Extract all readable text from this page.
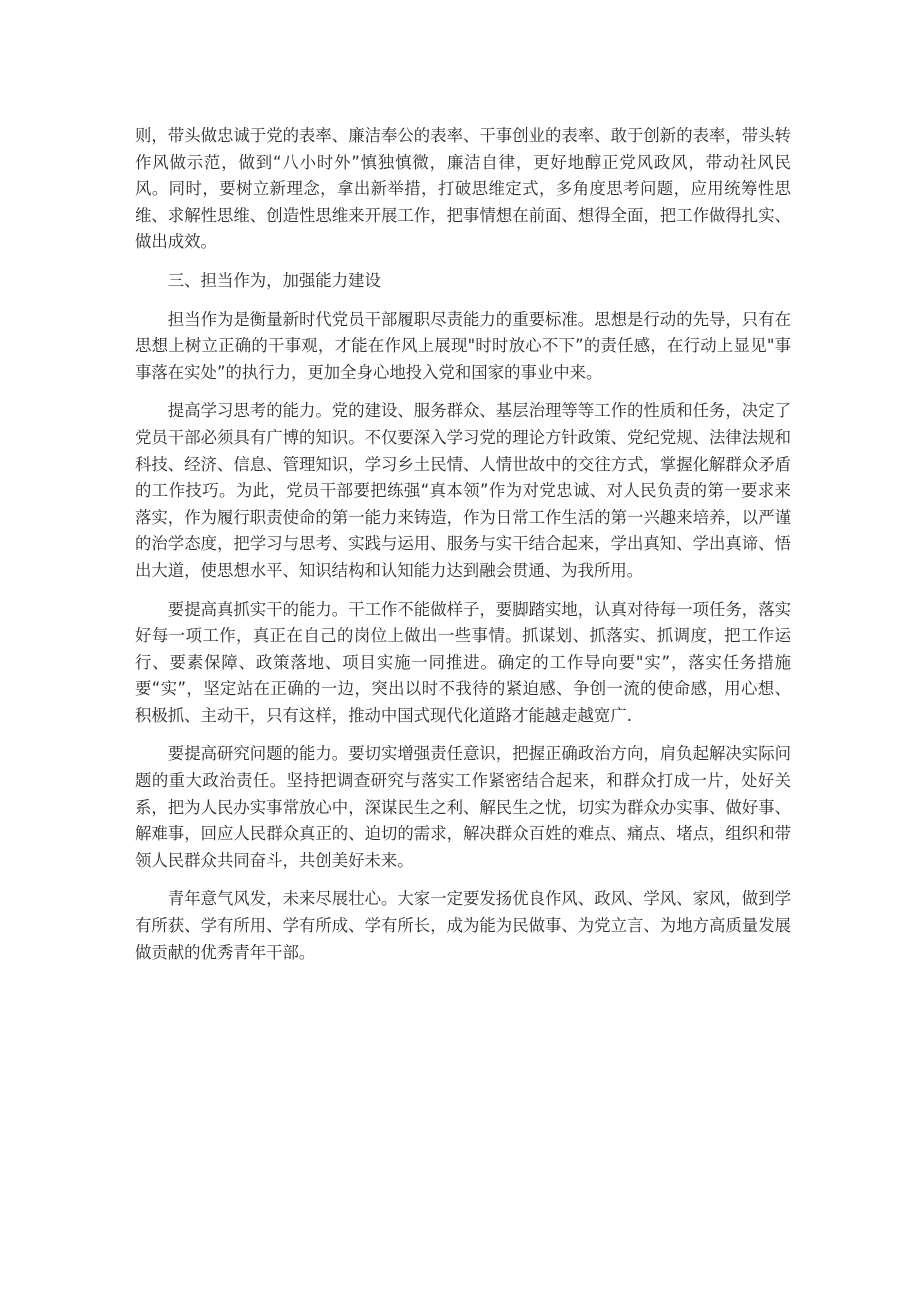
则，带头做忠诚于党的表率、廉洁奉公的表率、干事创业的表率、敢于创新的表率，带头转作风做示范，做到“八小时外”慎独慎微，廉洁自律，更好地醇正党风政风，带动社风民风。同时，要树立新理念，拿出新举措，打破思维定式，多角度思考问题，应用统筹性思维、求解性思维、创造性思维来开展工作，把事情想在前面、想得全面，把工作做得扎实、做出成效。

三、担当作为，加强能力建设

担当作为是衡量新时代党员干部履职尽责能力的重要标准。思想是行动的先导，只有在思想上树立正确的干事观，才能在作风上展现"时时放心不下”的责任感，在行动上显见"事事落在实处”的执行力，更加全身心地投入党和国家的事业中来。

提高学习思考的能力。党的建设、服务群众、基层治理等等工作的性质和任务，决定了党员干部必须具有广博的知识。不仅要深入学习党的理论方针政策、党纪党规、法律法规和科技、经济、信息、管理知识，学习乡土民情、人情世故中的交往方式，掌握化解群众矛盾的工作技巧。为此，党员干部要把练强“真本领”作为对党忠诚、对人民负责的第一要求来落实，作为履行职责使命的第一能力来铸造，作为日常工作生活的第一兴趣来培养，以严谨的治学态度，把学习与思考、实践与运用、服务与实干结合起来，学出真知、学出真谛、悟出大道，使思想水平、知识结构和认知能力达到融会贯通、为我所用。

要提高真抓实干的能力。干工作不能做样子，要脚踏实地，认真对待每一项任务，落实好每一项工作，真正在自己的岗位上做出一些事情。抓谋划、抓落实、抓调度，把工作运行、要素保障、政策落地、项目实施一同推进。确定的工作导向要"实”，落实任务措施要“实”，坚定站在正确的一边，突出以时不我待的紧迫感、争创一流的使命感，用心想、积极抓、主动干，只有这样，推动中国式现代化道路才能越走越宽广.

要提高研究问题的能力。要切实增强责任意识，把握正确政治方向，肩负起解决实际问题的重大政治责任。坚持把调查研究与落实工作紧密结合起来，和群众打成一片，处好关系，把为人民办实事常放心中，深谋民生之利、解民生之忧，切实为群众办实事、做好事、解难事，回应人民群众真正的、迫切的需求，解决群众百姓的难点、痛点、堵点，组织和带领人民群众共同奋斗，共创美好未来。

青年意气风发，未来尽展壮心。大家一定要发扬优良作风、政风、学风、家风，做到学有所获、学有所用、学有所成、学有所长，成为能为民做事、为党立言、为地方高质量发展做贡献的优秀青年干部。
